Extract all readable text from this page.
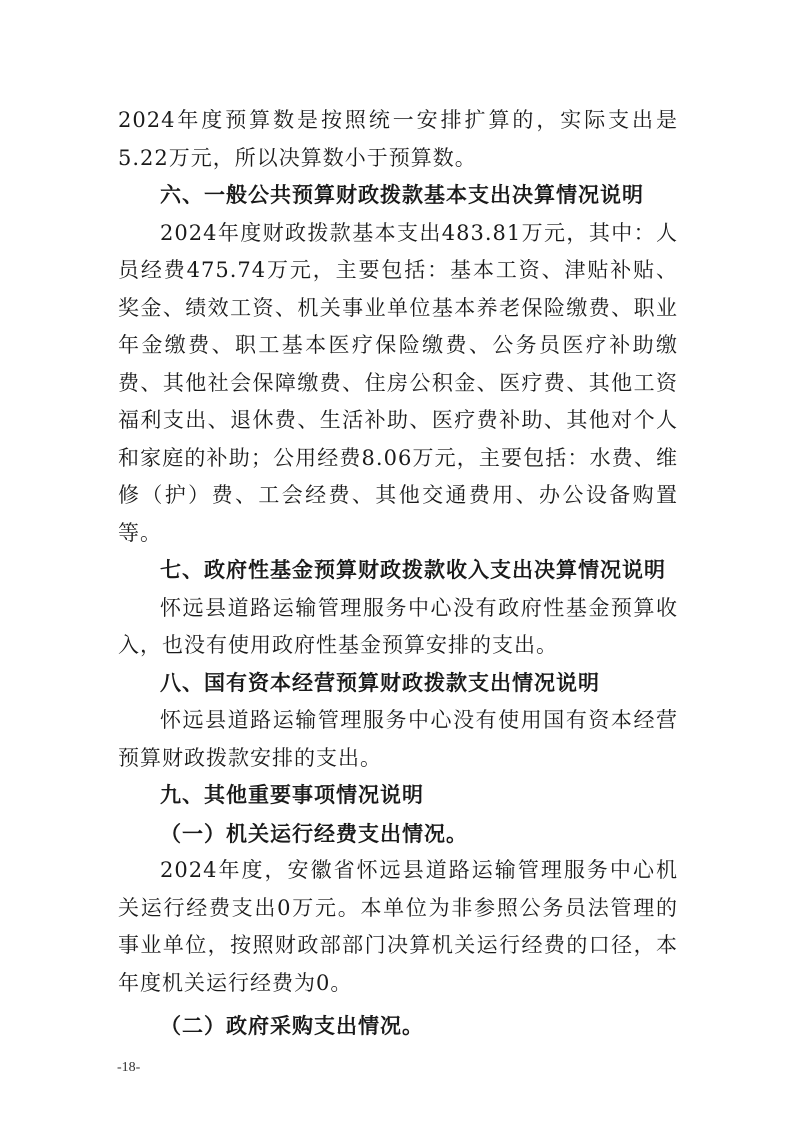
2024年度预算数是按照统一安排扩算的，实际支出是5.22万元，所以决算数小于预算数。

六、一般公共预算财政拨款基本支出决算情况说明

2024年度财政拨款基本支出483.81万元，其中：人员经费475.74万元，主要包括：基本工资、津贴补贴、奖金、绩效工资、机关事业单位基本养老保险缴费、职业年金缴费、职工基本医疗保险缴费、公务员医疗补助缴费、其他社会保障缴费、住房公积金、医疗费、其他工资福利支出、退休费、生活补助、医疗费补助、其他对个人和家庭的补助；公用经费8.06万元，主要包括：水费、维修（护）费、工会经费、其他交通费用、办公设备购置等。

七、政府性基金预算财政拨款收入支出决算情况说明

怀远县道路运输管理服务中心没有政府性基金预算收入，也没有使用政府性基金预算安排的支出。

八、国有资本经营预算财政拨款支出情况说明

怀远县道路运输管理服务中心没有使用国有资本经营预算财政拨款安排的支出。

九、其他重要事项情况说明

（一）机关运行经费支出情况。

2024年度，安徽省怀远县道路运输管理服务中心机关运行经费支出0万元。本单位为非参照公务员法管理的事业单位，按照财政部部门决算机关运行经费的口径，本年度机关运行经费为0。

（二）政府采购支出情况。

-18-
